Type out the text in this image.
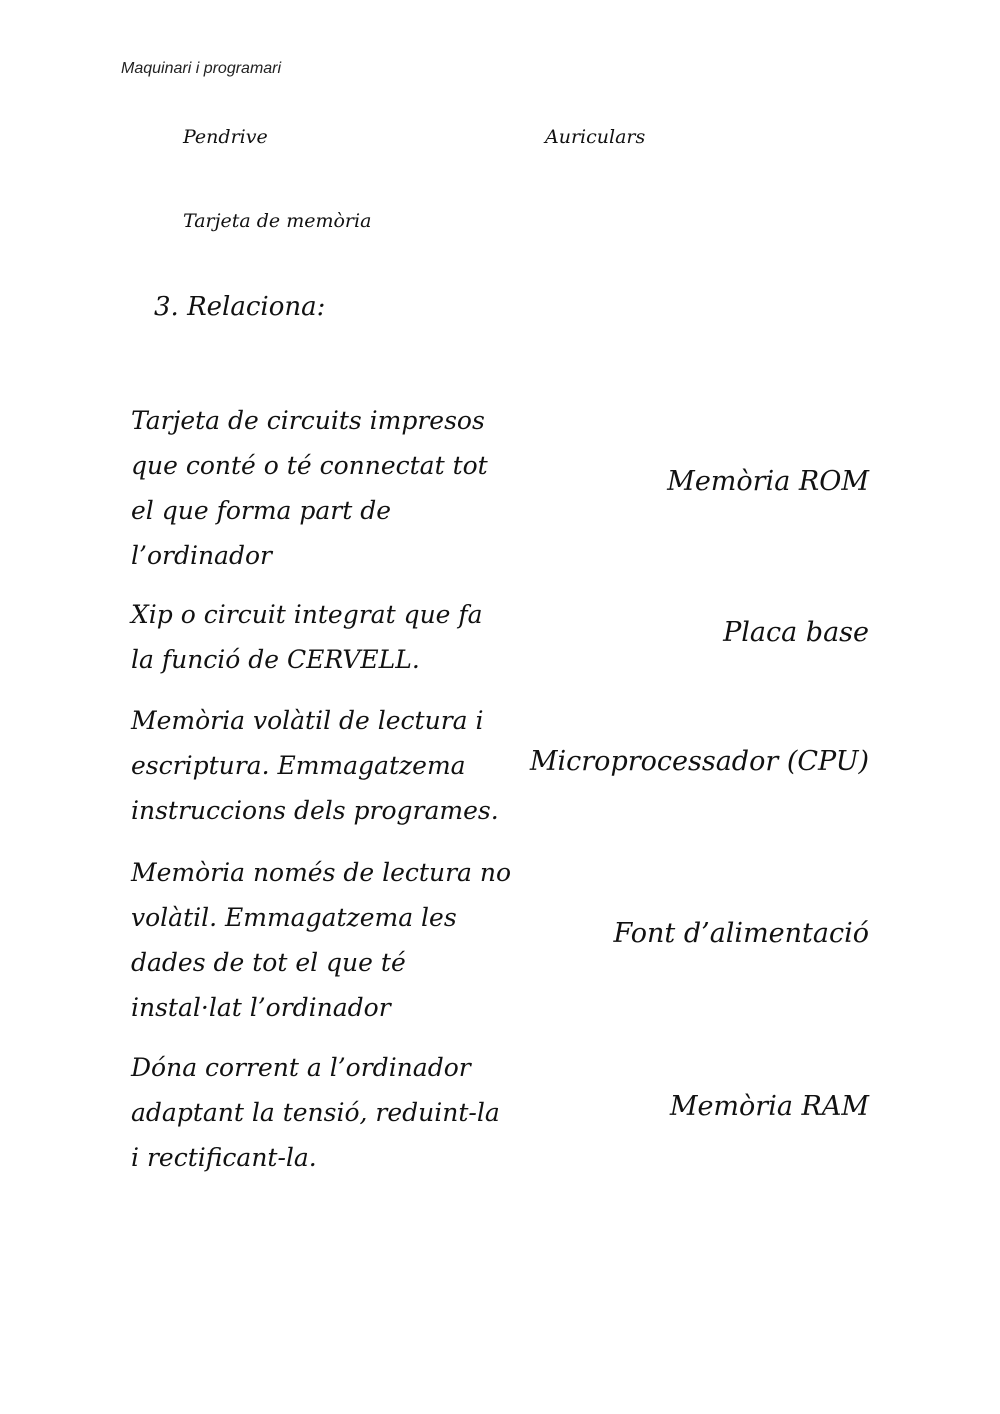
Maquinari i programari
Pendrive	Auriculars
Tarjeta de memòria
3. Relaciona:
Tarjeta de circuits impresos
que conté o té connectat tot
el que forma part de
l’ordinador
Xip o circuit integrat que fa
la funció de CERVELL.
Memòria volàtil de lectura i
escriptura. Emmagatzema
instruccions dels programes.
Memòria només de lectura no
volàtil. Emmagatzema les
dades de tot el que té
instal·lat l’ordinador
Dóna corrent a l’ordinador
adaptant la tensió, reduint-la
i rectificant-la.
Memòria ROM
Placa base
Microprocessador (CPU)
Font d’alimentació
Memòria RAM
